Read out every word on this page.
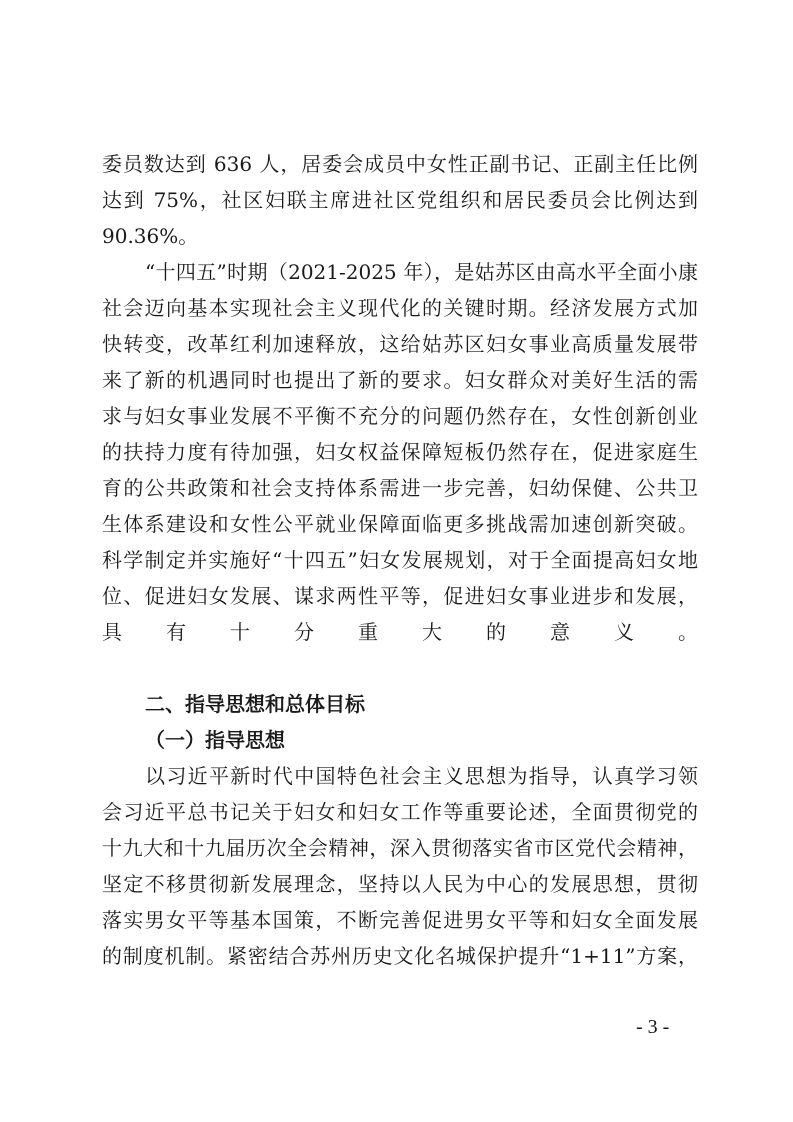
委员数达到 636 人，居委会成员中女性正副书记、正副主任比例
达到 75%，社区妇联主席进社区党组织和居民委员会比例达到
90.36%。
“十四五”时期（2021-2025 年），是姑苏区由高水平全面小康
社会迈向基本实现社会主义现代化的关键时期。经济发展方式加
快转变，改革红利加速释放，这给姑苏区妇女事业高质量发展带
来了新的机遇同时也提出了新的要求。妇女群众对美好生活的需
求与妇女事业发展不平衡不充分的问题仍然存在，女性创新创业
的扶持力度有待加强，妇女权益保障短板仍然存在，促进家庭生
育的公共政策和社会支持体系需进一步完善，妇幼保健、公共卫
生体系建设和女性公平就业保障面临更多挑战需加速创新突破。
科学制定并实施好“十四五”妇女发展规划，对于全面提高妇女地
位、促进妇女发展、谋求两性平等，促进妇女事业进步和发展，
具有十分重大的意义。
二、指导思想和总体目标
（一）指导思想
以习近平新时代中国特色社会主义思想为指导，认真学习领
会习近平总书记关于妇女和妇女工作等重要论述，全面贯彻党的
十九大和十九届历次全会精神，深入贯彻落实省市区党代会精神，
坚定不移贯彻新发展理念，坚持以人民为中心的发展思想，贯彻
落实男女平等基本国策，不断完善促进男女平等和妇女全面发展
的制度机制。紧密结合苏州历史文化名城保护提升“1+11”方案，
- 3 -
